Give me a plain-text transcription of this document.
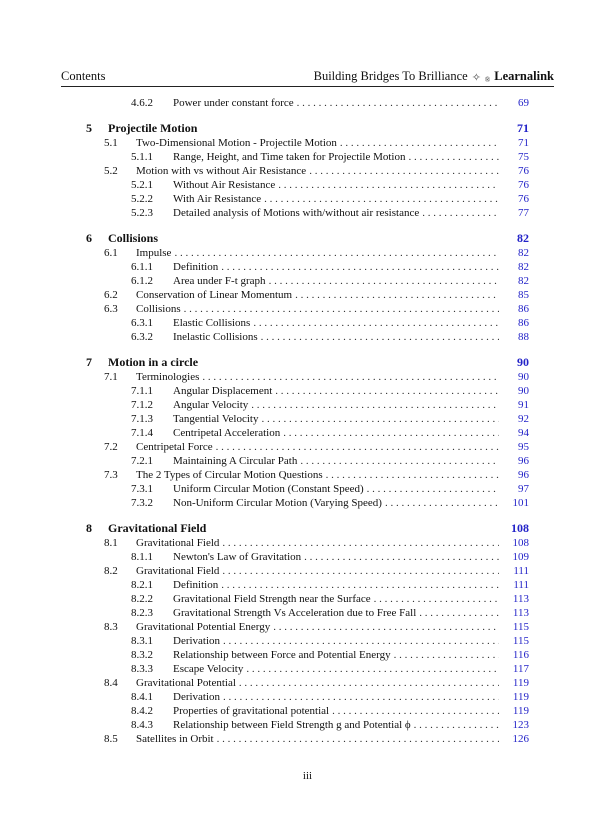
Contents	Building Bridges To Brilliance ✧ ® Learnalink
4.6.2	Power under constant force . . .	69
5	Projectile Motion	71
5.1	Two-Dimensional Motion - Projectile Motion . . .	71
5.1.1	Range, Height, and Time taken for Projectile Motion . . .	75
5.2	Motion with vs without Air Resistance . . .	76
5.2.1	Without Air Resistance . . .	76
5.2.2	With Air Resistance . . .	76
5.2.3	Detailed analysis of Motions with/without air resistance . . .	77
6	Collisions	82
6.1	Impulse . . .	82
6.1.1	Definition . . .	82
6.1.2	Area under F-t graph . . .	82
6.2	Conservation of Linear Momentum . . .	85
6.3	Collisions . . .	86
6.3.1	Elastic Collisions . . .	86
6.3.2	Inelastic Collisions . . .	88
7	Motion in a circle	90
7.1	Terminologies . . .	90
7.1.1	Angular Displacement . . .	90
7.1.2	Angular Velocity . . .	91
7.1.3	Tangential Velocity . . .	92
7.1.4	Centripetal Acceleration . . .	94
7.2	Centripetal Force . . .	95
7.2.1	Maintaining A Circular Path . . .	96
7.3	The 2 Types of Circular Motion Questions . . .	96
7.3.1	Uniform Circular Motion (Constant Speed) . . .	97
7.3.2	Non-Uniform Circular Motion (Varying Speed) . . .	101
8	Gravitational Field	108
8.1	Gravitational Field . . .	108
8.1.1	Newton's Law of Gravitation . . .	109
8.2	Gravitational Field . . .	111
8.2.1	Definition . . .	111
8.2.2	Gravitational Field Strength near the Surface . . .	113
8.2.3	Gravitational Strength Vs Acceleration due to Free Fall . . .	113
8.3	Gravitational Potential Energy . . .	115
8.3.1	Derivation . . .	115
8.3.2	Relationship between Force and Potential Energy . . .	116
8.3.3	Escape Velocity . . .	117
8.4	Gravitational Potential . . .	119
8.4.1	Derivation . . .	119
8.4.2	Properties of gravitational potential . . .	119
8.4.3	Relationship between Field Strength g and Potential ϕ . . .	123
8.5	Satellites in Orbit . . .	126
iii
